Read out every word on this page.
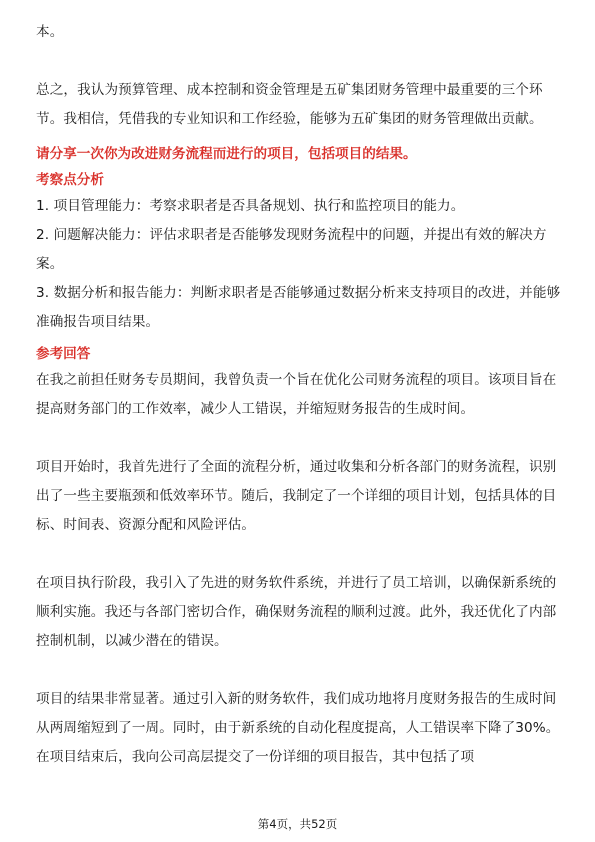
本。

总之，我认为预算管理、成本控制和资金管理是五矿集团财务管理中最重要的三个环节。我相信，凭借我的专业知识和工作经验，能够为五矿集团的财务管理做出贡献。

请分享一次你为改进财务流程而进行的项目，包括项目的结果。

考察点分析

1. 项目管理能力：考察求职者是否具备规划、执行和监控项目的能力。

2. 问题解决能力：评估求职者是否能够发现财务流程中的问题，并提出有效的解决方案。

3. 数据分析和报告能力：判断求职者是否能够通过数据分析来支持项目的改进，并能够准确报告项目结果。

参考回答

在我之前担任财务专员期间，我曾负责一个旨在优化公司财务流程的项目。该项目旨在提高财务部门的工作效率，减少人工错误，并缩短财务报告的生成时间。

项目开始时，我首先进行了全面的流程分析，通过收集和分析各部门的财务流程，识别出了一些主要瓶颈和低效率环节。随后，我制定了一个详细的项目计划，包括具体的目标、时间表、资源分配和风险评估。

在项目执行阶段，我引入了先进的财务软件系统，并进行了员工培训，以确保新系统的顺利实施。我还与各部门密切合作，确保财务流程的顺利过渡。此外，我还优化了内部控制机制，以减少潜在的错误。

项目的结果非常显著。通过引入新的财务软件，我们成功地将月度财务报告的生成时间从两周缩短到了一周。同时，由于新系统的自动化程度提高，人工错误率下降了30%。在项目结束后，我向公司高层提交了一份详细的项目报告，其中包括了项

第4页，共52页
